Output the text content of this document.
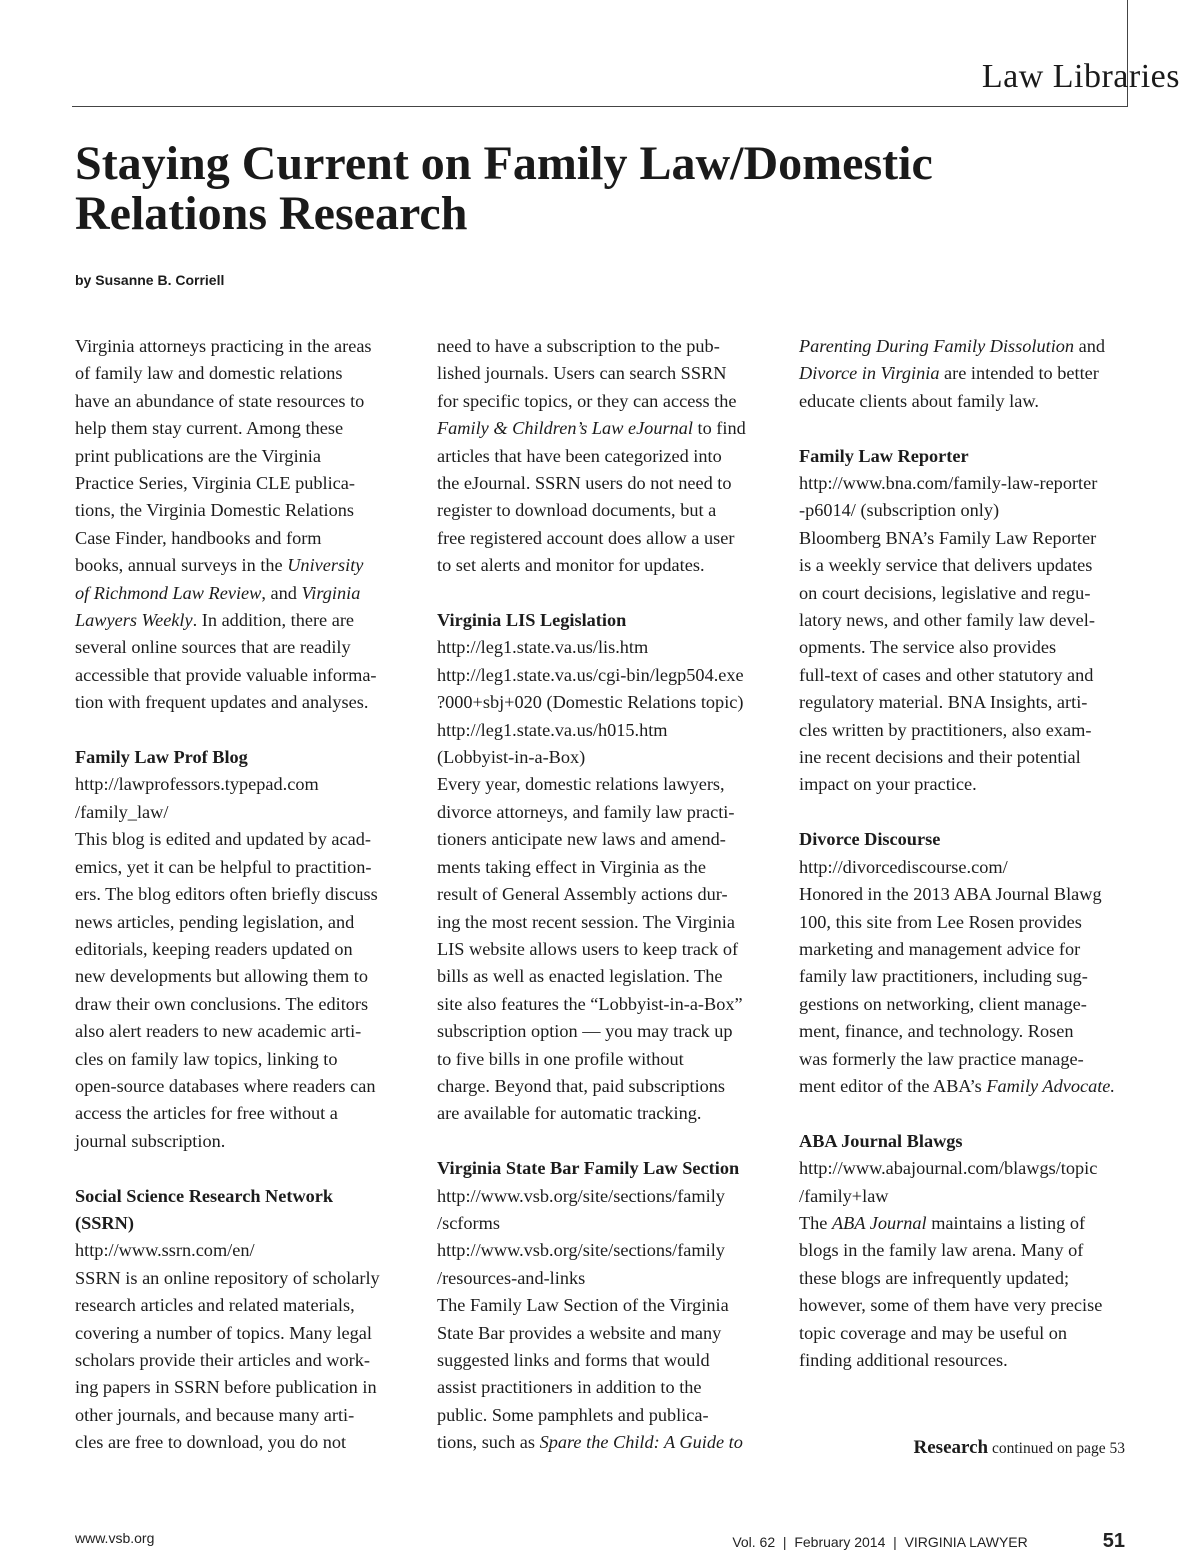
Law Libraries
Staying Current on Family Law/Domestic Relations Research
by Susanne B. Corriell

Virginia attorneys practicing in the areas

of family law and domestic relations

have an abundance of state resources to

help them stay current. Among these

print publications are the Virginia

Practice Series, Virginia CLE publica-

tions, the Virginia Domestic Relations

Case Finder, handbooks and form

books, annual surveys in the University

of Richmond Law Review, and Virginia

Lawyers Weekly. In addition, there are

several online sources that are readily

accessible that provide valuable informa-

tion with frequent updates and analyses.

Family Law Prof Blog

http://lawprofessors.typepad.com

/family_law/

This blog is edited and updated by acad-

emics, yet it can be helpful to practition-

ers. The blog editors often briefly discuss

news articles, pending legislation, and

editorials, keeping readers updated on

new developments but allowing them to

draw their own conclusions. The editors

also alert readers to new academic arti-

cles on family law topics, linking to

open-source databases where readers can

access the articles for free without a

journal subscription.

Social Science Research Network

(SSRN)

http://www.ssrn.com/en/

SSRN is an online repository of scholarly

research articles and related materials,

covering a number of topics. Many legal

scholars provide their articles and work-

ing papers in SSRN before publication in

other journals, and because many arti-

cles are free to download, you do not

need to have a subscription to the pub-

lished journals. Users can search SSRN

for specific topics, or they can access the

Family & Children’s Law eJournal to find

articles that have been categorized into

the eJournal. SSRN users do not need to

register to download documents, but a

free registered account does allow a user

to set alerts and monitor for updates.

Virginia LIS Legislation

http://leg1.state.va.us/lis.htm

http://leg1.state.va.us/cgi-bin/legp504.exe

?000+sbj+020 (Domestic Relations topic)

http://leg1.state.va.us/h015.htm

(Lobbyist-in-a-Box)

Every year, domestic relations lawyers,

divorce attorneys, and family law practi-

tioners anticipate new laws and amend-

ments taking effect in Virginia as the

result of General Assembly actions dur-

ing the most recent session. The Virginia

LIS website allows users to keep track of

bills as well as enacted legislation. The

site also features the “Lobbyist-in-a-Box”

subscription option — you may track up

to five bills in one profile without

charge. Beyond that, paid subscriptions

are available for automatic tracking.

Virginia State Bar Family Law Section

http://www.vsb.org/site/sections/family

/scforms

http://www.vsb.org/site/sections/family

/resources-and-links

The Family Law Section of the Virginia

State Bar provides a website and many

suggested links and forms that would

assist practitioners in addition to the

public. Some pamphlets and publica-

tions, such as Spare the Child: A Guide to

Parenting During Family Dissolution and

Divorce in Virginia are intended to better

educate clients about family law.

Family Law Reporter

http://www.bna.com/family-law-reporter

-p6014/ (subscription only)

Bloomberg BNA’s Family Law Reporter

is a weekly service that delivers updates

on court decisions, legislative and regu-

latory news, and other family law devel-

opments. The service also provides

full-text of cases and other statutory and

regulatory material. BNA Insights, arti-

cles written by practitioners, also exam-

ine recent decisions and their potential

impact on your practice.

Divorce Discourse

http://divorcediscourse.com/

Honored in the 2013 ABA Journal Blawg

100, this site from Lee Rosen provides

marketing and management advice for

family law practitioners, including sug-

gestions on networking, client manage-

ment, finance, and technology. Rosen

was formerly the law practice manage-

ment editor of the ABA’s Family Advocate.

ABA Journal Blawgs

http://www.abajournal.com/blawgs/topic

/family+law

The ABA Journal maintains a listing of

blogs in the family law arena. Many of

these blogs are infrequently updated;

however, some of them have very precise

topic coverage and may be useful on

finding additional resources.

Research continued on page 53
www.vsb.org	Vol. 62  |  February 2014  |  VIRGINIA LAWYER	51
